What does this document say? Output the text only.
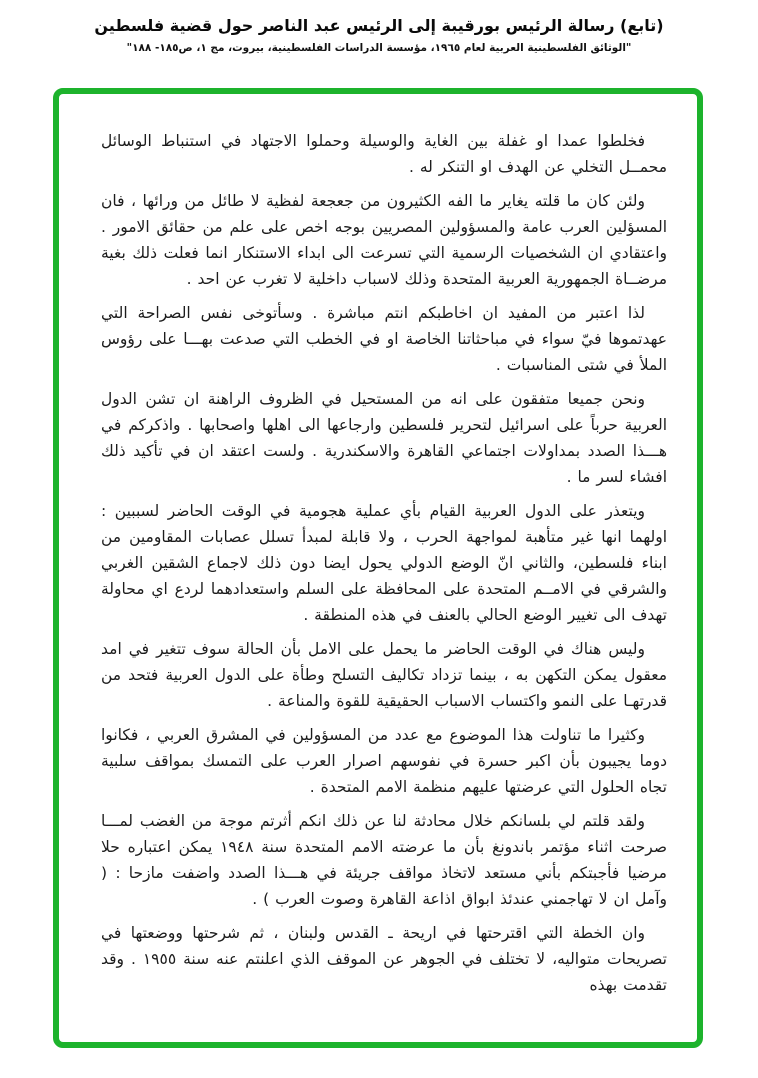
(تابع) رسالة الرئيس بورقيبة إلى الرئيس عبد الناصر حول قضية فلسطين
"الوثائق الفلسطينية العربية لعام ١٩٦٥، مؤسسة الدراسات الفلسطينية، بيروت، مج ١، ص١٨٥- ١٨٨"

فخلطوا عمدا او غفلة بين الغاية والوسيلة وحملوا الاجتهاد في استنباط الوسائل محمــل التخلي عن الهدف او التنكر له .

ولئن كان ما قلته يغاير ما الفه الكثيرون من جعجعة لفظية لا طائل من ورائها ، فان المسؤلين العرب عامة والمسؤولين المصريين بوجه اخص على علم من حقائق الامور . واعتقادي ان الشخصيات الرسمية التي تسرعت الى ابداء الاستنكار انما فعلت ذلك بغية مرضــاة الجمهورية العربية المتحدة وذلك لاسباب داخلية لا تغرب عن احد .

لذا اعتبر من المفيد ان اخاطبكم انتم مباشرة . وسأتوخى نفس الصراحة التي عهدتموها فيّ سواء في مباحثاتنا الخاصة او في الخطب التي صدعت بهـــا على رؤوس الملأ في شتى المناسبات .

ونحن جميعا متفقون على انه من المستحيل في الظروف الراهنة ان تشن الدول العربية حرباً على اسرائيل لتحرير فلسطين وارجاعها الى اهلها واصحابها . واذكركم في هـــذا الصدد بمداولات اجتماعي القاهرة والاسكندرية . ولست اعتقد ان في تأكيد ذلك افشاء لسر ما .

ويتعذر على الدول العربية القيام بأي عملية هجومية في الوقت الحاضر لسببين : اولهما انها غير متأهبة لمواجهة الحرب ، ولا قابلة لمبدأ تسلل عصابات المقاومين من ابناء فلسطين، والثاني انّ الوضع الدولي يحول ايضا دون ذلك لاجماع الشقين الغربي والشرقي في الامــم المتحدة على المحافظة على السلم واستعدادهما لردع اي محاولة تهدف الى تغيير الوضع الحالي بالعنف في هذه المنطقة .

وليس هناك في الوقت الحاضر ما يحمل على الامل بأن الحالة سوف تتغير في امد معقول يمكن التكهن به ، بينما تزداد تكاليف التسلح وطأة على الدول العربية فتحد من قدرتهـا على النمو واكتساب الاسباب الحقيقية للقوة والمناعة .

وكثيرا ما تناولت هذا الموضوع مع عدد من المسؤولين في المشرق العربي ، فكانوا دوما يجيبون بأن اكبر حسرة في نفوسهم اصرار العرب على التمسك بمواقف سلبية تجاه الحلول التي عرضتها عليهم منظمة الامم المتحدة .

ولقد قلتم لي بلسانكم خلال محادثة لنا عن ذلك انكم أثرتم موجة من الغضب لمـــا صرحت اثناء مؤتمر باندونغ بأن ما عرضته الامم المتحدة سنة ١٩٤٨ يمكن اعتباره حلا مرضيا فأجبتكم بأني مستعد لاتخاذ مواقف جريئة في هـــذا الصدد واضفت مازحا : ( وآمل ان لا تهاجمني عندئذ ابواق اذاعة القاهرة وصوت العرب ) .

وان الخطة التي اقترحتها في اريحة ـ القدس ولبنان ، ثم شرحتها ووضعتها في تصريحات متواليه، لا تختلف في الجوهر عن الموقف الذي اعلنتم عنه سنة ١٩٥٥ . وقد تقدمت بهذه
